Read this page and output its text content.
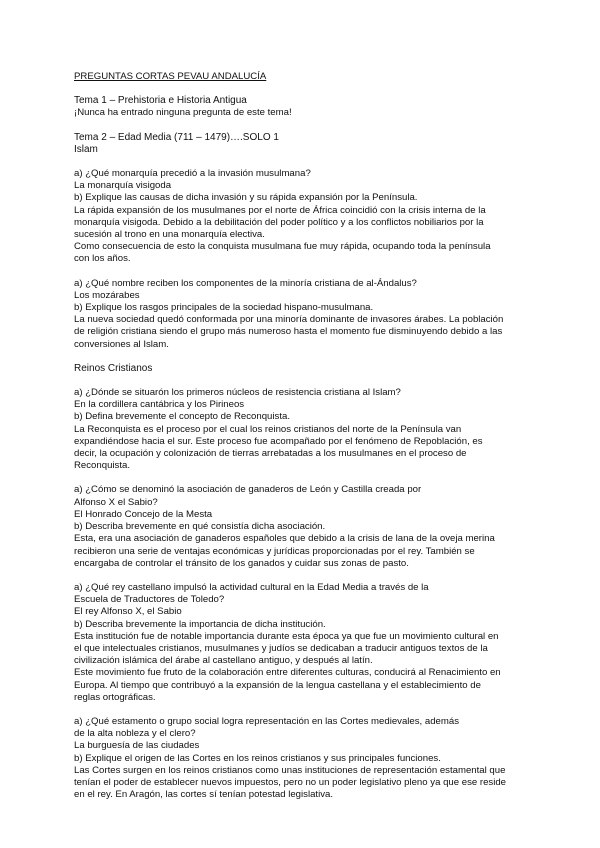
PREGUNTAS CORTAS PEVAU ANDALUCÍA

Tema 1 – Prehistoria e Historia Antigua

¡Nunca ha entrado ninguna pregunta de este tema!

Tema 2 – Edad Media (711 – 1479)….SOLO 1

Islam

a) ¿Qué monarquía precedió a la invasión musulmana?

La monarquía visigoda

b) Explique las causas de dicha invasión y su rápida expansión por la Península.

La rápida expansión de los musulmanes por el norte de África coincidió con la crisis interna de la

monarquía visigoda. Debido a la debilitación del poder político y a los conflictos nobiliarios por la

sucesión al trono en una monarquía electiva.

Como consecuencia de esto la conquista musulmana fue muy rápida, ocupando toda la península

con los años.

a) ¿Qué nombre reciben los componentes de la minoría cristiana de al-Ándalus?

Los mozárabes

b) Explique los rasgos principales de la sociedad hispano-musulmana.

La nueva sociedad quedó conformada por una minoría dominante de invasores árabes. La población

de religión cristiana siendo el grupo más numeroso hasta el momento fue disminuyendo debido a las

conversiones al Islam.

Reinos Cristianos

a) ¿Dónde se situarón los primeros núcleos de resistencia cristiana al Islam?

En la cordillera cantábrica y los Pirineos

b) Defina brevemente el concepto de Reconquista.

La Reconquista es el proceso por el cual los reinos cristianos del norte de la Península van

expandiéndose hacia el sur. Este proceso fue acompañado por el fenómeno de Repoblación, es

decir, la ocupación y colonización de tierras arrebatadas a los musulmanes en el proceso de

Reconquista.

a) ¿Cómo se denominó la asociación de ganaderos de León y Castilla creada por

Alfonso X el Sabio?

El Honrado Concejo de la Mesta

b) Describa brevemente en qué consistía dicha asociación.

Esta, era una asociación de ganaderos españoles que debido a la crisis de lana de la oveja merina

recibieron una serie de ventajas económicas y jurídicas proporcionadas por el rey. También se

encargaba de controlar el tránsito de los ganados y cuidar sus zonas de pasto.

a) ¿Qué rey castellano impulsó la actividad cultural en la Edad Media a través de la

Escuela de Traductores de Toledo?

El rey Alfonso X, el Sabio

b) Describa brevemente la importancia de dicha institución.

Esta institución fue de notable importancia durante esta época ya que fue un movimiento cultural en

el que intelectuales cristianos, musulmanes y judíos se dedicaban a traducir antiguos textos de la

civilización islámica del árabe al castellano antiguo, y después al latín.

Este movimiento fue fruto de la colaboración entre diferentes culturas, conducirá al Renacimiento en

Europa. Al tiempo que contribuyó a la expansión de la lengua castellana y el establecimiento de

reglas ortográficas.

a) ¿Qué estamento o grupo social logra representación en las Cortes medievales, además

de la alta nobleza y el clero?

La burguesía de las ciudades

b) Explique el origen de las Cortes en los reinos cristianos y sus principales funciones.

Las Cortes surgen en los reinos cristianos como unas instituciones de representación estamental que

tenían el poder de establecer nuevos impuestos, pero no un poder legislativo pleno ya que ese reside

en el rey. En Aragón, las cortes sí tenían potestad legislativa.
